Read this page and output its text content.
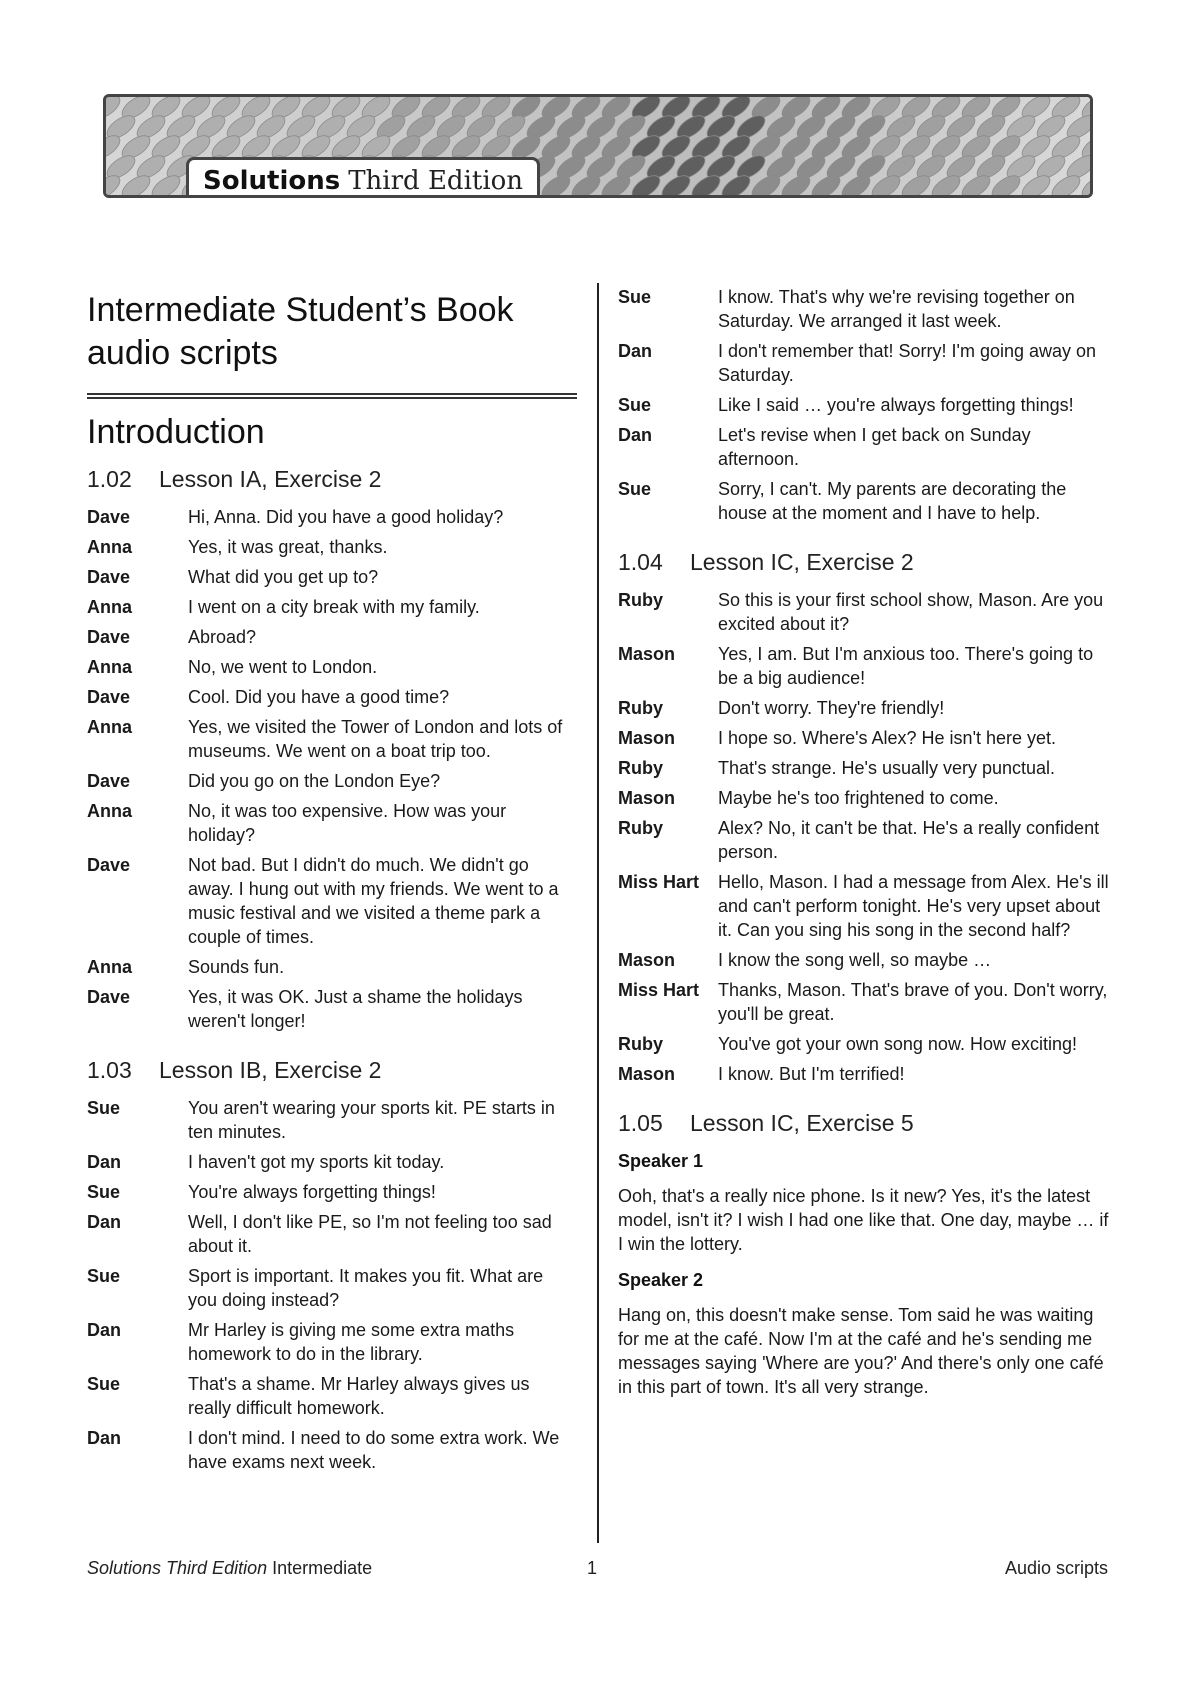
Solutions Third Edition
Intermediate Student’s Book
audio scripts
Introduction
1.02	Lesson IA, Exercise 2
Dave	Hi, Anna. Did you have a good holiday?
Anna	Yes, it was great, thanks.
Dave	What did you get up to?
Anna	I went on a city break with my family.
Dave	Abroad?
Anna	No, we went to London.
Dave	Cool. Did you have a good time?
Anna	Yes, we visited the Tower of London and lots of museums. We went on a boat trip too.
Dave	Did you go on the London Eye?
Anna	No, it was too expensive. How was your holiday?
Dave	Not bad. But I didn't do much. We didn't go away. I hung out with my friends. We went to a music festival and we visited a theme park a couple of times.
Anna	Sounds fun.
Dave	Yes, it was OK. Just a shame the holidays weren't longer!
1.03	Lesson IB, Exercise 2
Sue	You aren't wearing your sports kit. PE starts in ten minutes.
Dan	I haven't got my sports kit today.
Sue	You're always forgetting things!
Dan	Well, I don't like PE, so I'm not feeling too sad about it.
Sue	Sport is important. It makes you fit. What are you doing instead?
Dan	Mr Harley is giving me some extra maths homework to do in the library.
Sue	That's a shame. Mr Harley always gives us really difficult homework.
Dan	I don't mind. I need to do some extra work. We have exams next week.
Sue	I know. That's why we're revising together on Saturday. We arranged it last week.
Dan	I don't remember that! Sorry! I'm going away on Saturday.
Sue	Like I said … you're always forgetting things!
Dan	Let's revise when I get back on Sunday afternoon.
Sue	Sorry, I can't. My parents are decorating the house at the moment and I have to help.
1.04	Lesson IC, Exercise 2
Ruby	So this is your first school show, Mason. Are you excited about it?
Mason	Yes, I am. But I'm anxious too. There's going to be a big audience!
Ruby	Don't worry. They're friendly!
Mason	I hope so. Where's Alex? He isn't here yet.
Ruby	That's strange. He's usually very punctual.
Mason	Maybe he's too frightened to come.
Ruby	Alex? No, it can't be that. He's a really confident person.
Miss Hart	Hello, Mason. I had a message from Alex. He's ill and can't perform tonight. He's very upset about it. Can you sing his song in the second half?
Mason	I know the song well, so maybe …
Miss Hart	Thanks, Mason. That's brave of you. Don't worry, you'll be great.
Ruby	You've got your own song now. How exciting!
Mason	I know. But I'm terrified!
1.05	Lesson IC, Exercise 5
Speaker 1

Ooh, that's a really nice phone. Is it new? Yes, it's the latest model, isn't it? I wish I had one like that. One day, maybe … if I win the lottery.

Speaker 2

Hang on, this doesn't make sense. Tom said he was waiting for me at the café. Now I'm at the café and he's sending me messages saying 'Where are you?' And there's only one café in this part of town. It's all very strange.

Solutions Third Edition Intermediate	1	Audio scripts
